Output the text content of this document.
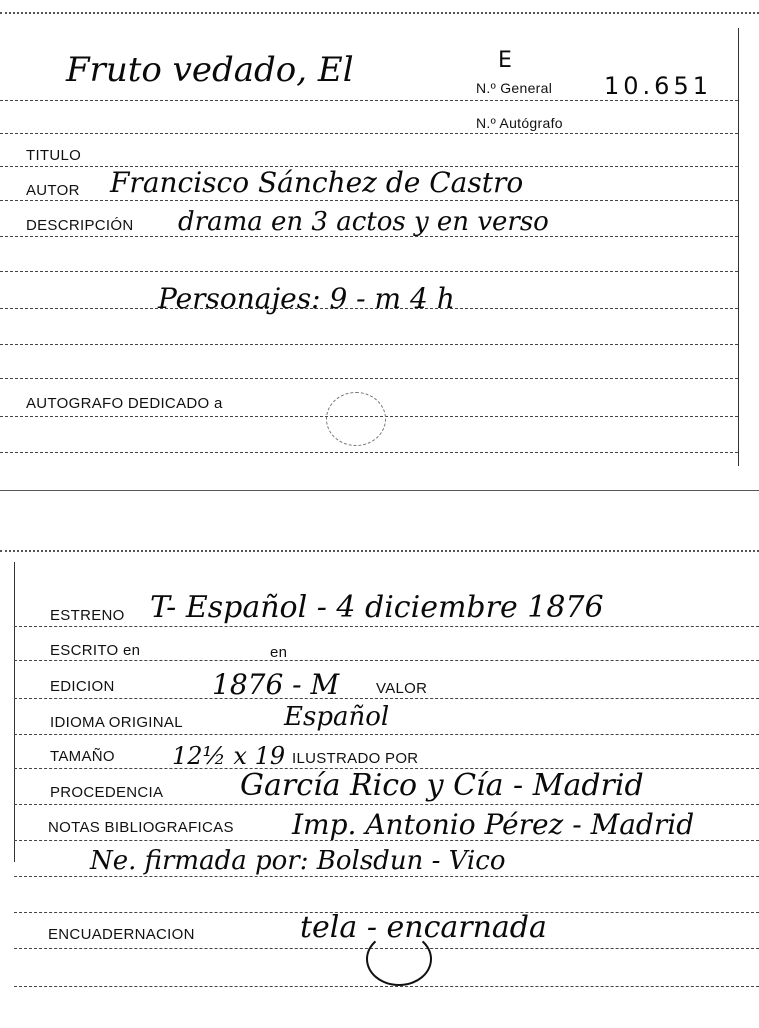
Fruto vedado, El	E
N.º General 10.651
N.º Autógrafo
TITULO
AUTOR Francisco Sánchez de Castro
DESCRIPCIÓN drama en 3 actos y en verso
Personajes: 9 - m 4 h
AUTOGRAFO DEDICADO a
ESTRENO T- Español - 4 diciembre 1876
ESCRITO en	en
EDICION	1876 - M VALOR
IDIOMA ORIGINAL	Español
TAMAÑO 12½ x 19 ILUSTRADO POR
PROCEDENCIA	García Rico y Cía - Madrid
NOTAS BIBLIOGRAFICAS Imp. Antonio Pérez - Madrid
Ne. firmada por: Bolsdun - Vico
ENCUADERNACION	tela - encarnada
